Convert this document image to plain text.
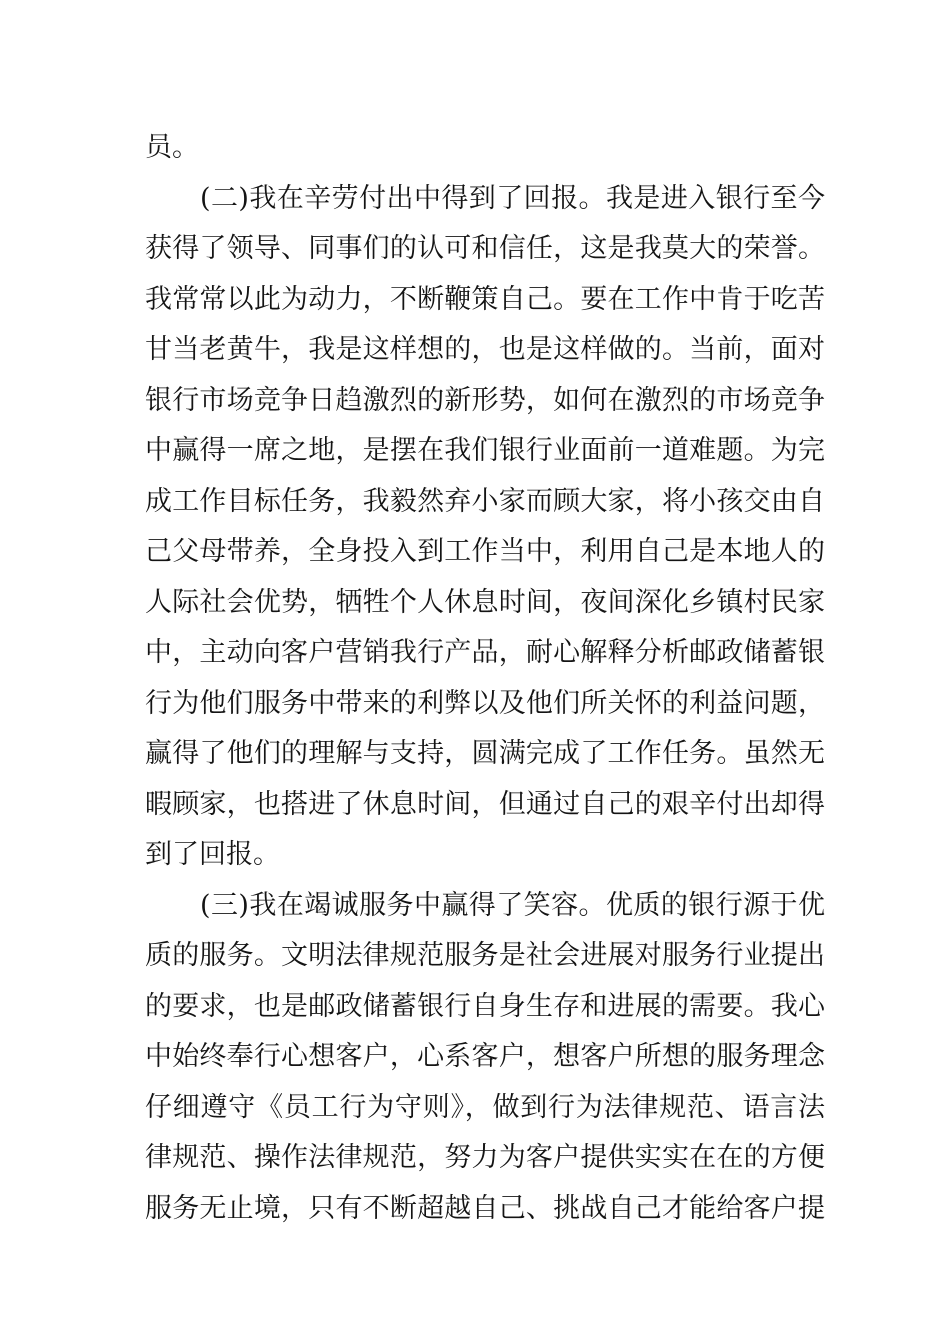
员。
(二)我在辛劳付出中得到了回报。我是进入银行至今
获得了领导、同事们的认可和信任，这是我莫大的荣誉。
我常常以此为动力，不断鞭策自己。要在工作中肯于吃苦
甘当老黄牛，我是这样想的，也是这样做的。当前，面对
银行市场竞争日趋激烈的新形势，如何在激烈的市场竞争
中赢得一席之地，是摆在我们银行业面前一道难题。为完
成工作目标任务，我毅然弃小家而顾大家，将小孩交由自
己父母带养，全身投入到工作当中，利用自己是本地人的
人际社会优势，牺牲个人休息时间，夜间深化乡镇村民家
中，主动向客户营销我行产品，耐心解释分析邮政储蓄银
行为他们服务中带来的利弊以及他们所关怀的利益问题，
赢得了他们的理解与支持，圆满完成了工作任务。虽然无
暇顾家，也搭进了休息时间，但通过自己的艰辛付出却得
到了回报。
(三)我在竭诚服务中赢得了笑容。优质的银行源于优
质的服务。文明法律规范服务是社会进展对服务行业提出
的要求，也是邮政储蓄银行自身生存和进展的需要。我心
中始终奉行心想客户，心系客户，想客户所想的服务理念
仔细遵守《员工行为守则》，做到行为法律规范、语言法
律规范、操作法律规范，努力为客户提供实实在在的方便
服务无止境，只有不断超越自己、挑战自己才能给客户提
